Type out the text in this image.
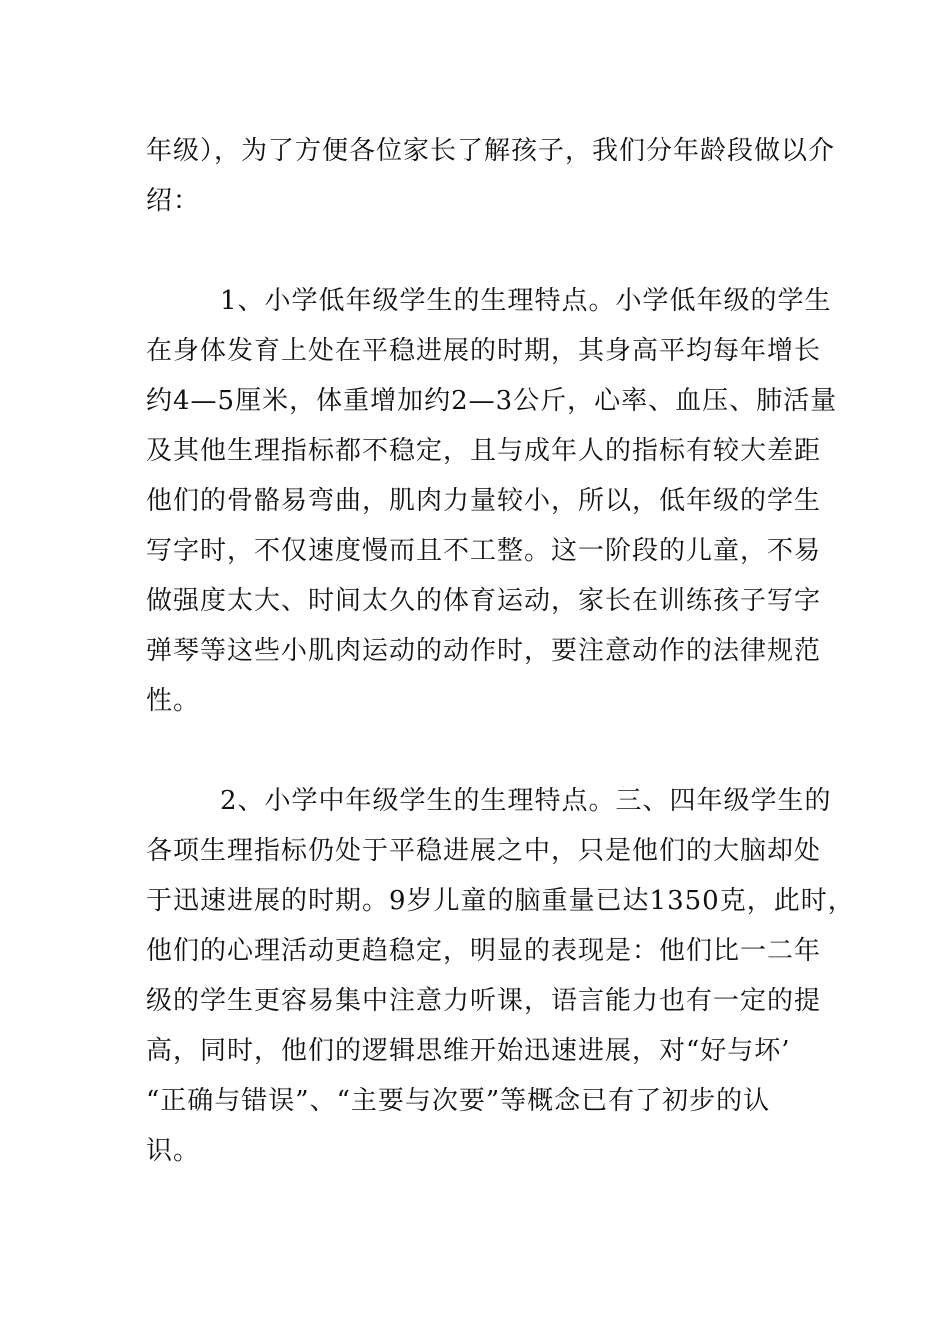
年级），为了方便各位家长了解孩子，我们分年龄段做以介
绍：
1、小学低年级学生的生理特点。小学低年级的学生
在身体发育上处在平稳进展的时期，其身高平均每年增长
约4—5厘米，体重增加约2—3公斤，心率、血压、肺活量
及其他生理指标都不稳定，且与成年人的指标有较大差距
他们的骨骼易弯曲，肌肉力量较小，所以，低年级的学生
写字时，不仅速度慢而且不工整。这一阶段的儿童，不易
做强度太大、时间太久的体育运动，家长在训练孩子写字
弹琴等这些小肌肉运动的动作时，要注意动作的法律规范
性。
2、小学中年级学生的生理特点。三、四年级学生的
各项生理指标仍处于平稳进展之中，只是他们的大脑却处
于迅速进展的时期。9岁儿童的脑重量已达1350克，此时，
他们的心理活动更趋稳定，明显的表现是：他们比一二年
级的学生更容易集中注意力听课，语言能力也有一定的提
高，同时，他们的逻辑思维开始迅速进展，对“好与坏’
“正确与错误”、“主要与次要”等概念已有了初步的认
识。
